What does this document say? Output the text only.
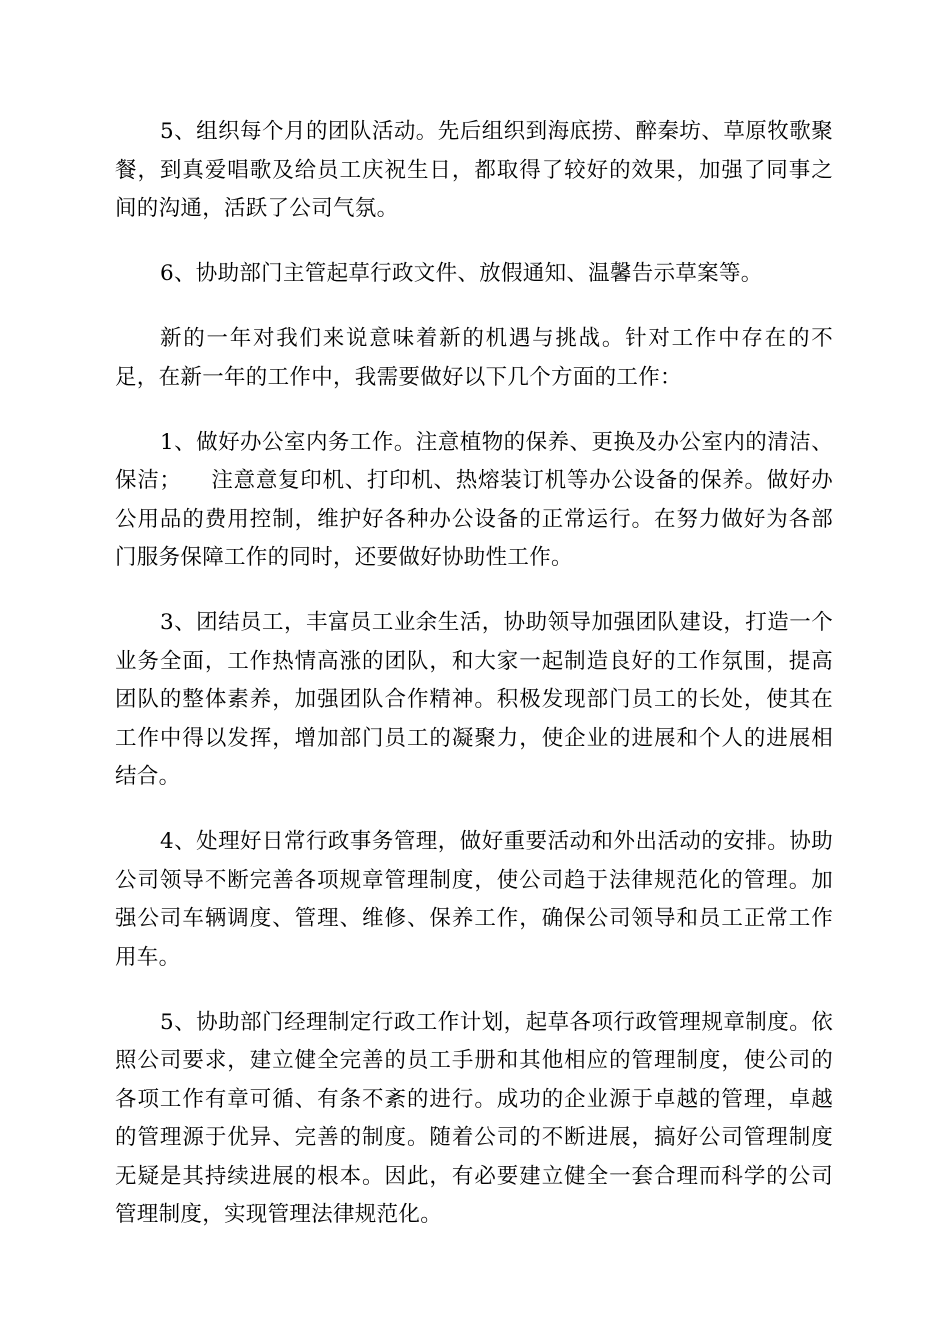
5、组织每个月的团队活动。先后组织到海底捞、醉秦坊、草原牧歌聚餐，到真爱唱歌及给员工庆祝生日，都取得了较好的效果，加强了同事之间的沟通，活跃了公司气氛。

6、协助部门主管起草行政文件、放假通知、温馨告示草案等。

新的一年对我们来说意味着新的机遇与挑战。针对工作中存在的不足，在新一年的工作中，我需要做好以下几个方面的工作：

1、做好办公室内务工作。注意植物的保养、更换及办公室内的清洁、保洁；    注意意复印机、打印机、热熔装订机等办公设备的保养。做好办公用品的费用控制，维护好各种办公设备的正常运行。在努力做好为各部门服务保障工作的同时，还要做好协助性工作。

3、团结员工，丰富员工业余生活，协助领导加强团队建设，打造一个业务全面，工作热情高涨的团队，和大家一起制造良好的工作氛围，提高团队的整体素养，加强团队合作精神。积极发现部门员工的长处，使其在工作中得以发挥，增加部门员工的凝聚力，使企业的进展和个人的进展相结合。

4、处理好日常行政事务管理，做好重要活动和外出活动的安排。协助公司领导不断完善各项规章管理制度，使公司趋于法律规范化的管理。加强公司车辆调度、管理、维修、保养工作，确保公司领导和员工正常工作用车。

5、协助部门经理制定行政工作计划，起草各项行政管理规章制度。依照公司要求，建立健全完善的员工手册和其他相应的管理制度，使公司的各项工作有章可循、有条不紊的进行。成功的企业源于卓越的管理，卓越的管理源于优异、完善的制度。随着公司的不断进展，搞好公司管理制度无疑是其持续进展的根本。因此，有必要建立健全一套合理而科学的公司管理制度，实现管理法律规范化。
